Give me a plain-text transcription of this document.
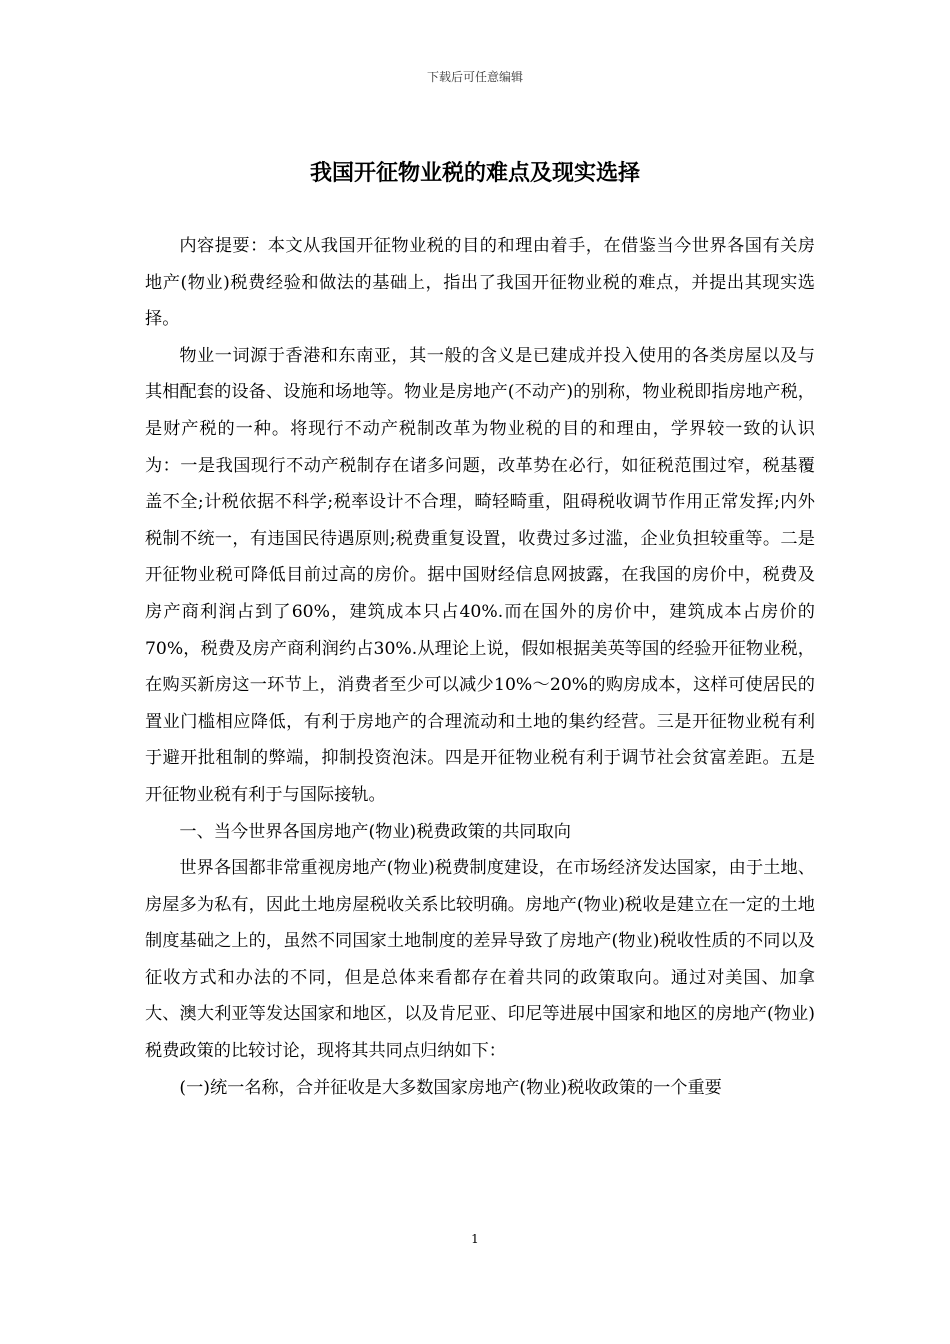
下载后可任意编辑
我国开征物业税的难点及现实选择

内容提要：本文从我国开征物业税的目的和理由着手，在借鉴当今世界各国有关房地产(物业)税费经验和做法的基础上，指出了我国开征物业税的难点，并提出其现实选择。

物业一词源于香港和东南亚，其一般的含义是已建成并投入使用的各类房屋以及与其相配套的设备、设施和场地等。物业是房地产(不动产)的别称，物业税即指房地产税，是财产税的一种。将现行不动产税制改革为物业税的目的和理由，学界较一致的认识为：一是我国现行不动产税制存在诸多问题，改革势在必行，如征税范围过窄，税基覆盖不全;计税依据不科学;税率设计不合理，畸轻畸重，阻碍税收调节作用正常发挥;内外税制不统一，有违国民待遇原则;税费重复设置，收费过多过滥，企业负担较重等。二是开征物业税可降低目前过高的房价。据中国财经信息网披露，在我国的房价中，税费及房产商利润占到了60%，建筑成本只占40%.而在国外的房价中，建筑成本占房价的70%，税费及房产商利润约占30%.从理论上说，假如根据美英等国的经验开征物业税，在购买新房这一环节上，消费者至少可以减少10%～20%的购房成本，这样可使居民的置业门槛相应降低，有利于房地产的合理流动和土地的集约经营。三是开征物业税有利于避开批租制的弊端，抑制投资泡沫。四是开征物业税有利于调节社会贫富差距。五是开征物业税有利于与国际接轨。

一、当今世界各国房地产(物业)税费政策的共同取向

世界各国都非常重视房地产(物业)税费制度建设，在市场经济发达国家，由于土地、房屋多为私有，因此土地房屋税收关系比较明确。房地产(物业)税收是建立在一定的土地制度基础之上的，虽然不同国家土地制度的差异导致了房地产(物业)税收性质的不同以及征收方式和办法的不同，但是总体来看都存在着共同的政策取向。通过对美国、加拿大、澳大利亚等发达国家和地区，以及肯尼亚、印尼等进展中国家和地区的房地产(物业)税费政策的比较讨论，现将其共同点归纳如下：

(一)统一名称，合并征收是大多数国家房地产(物业)税收政策的一个重要

1
